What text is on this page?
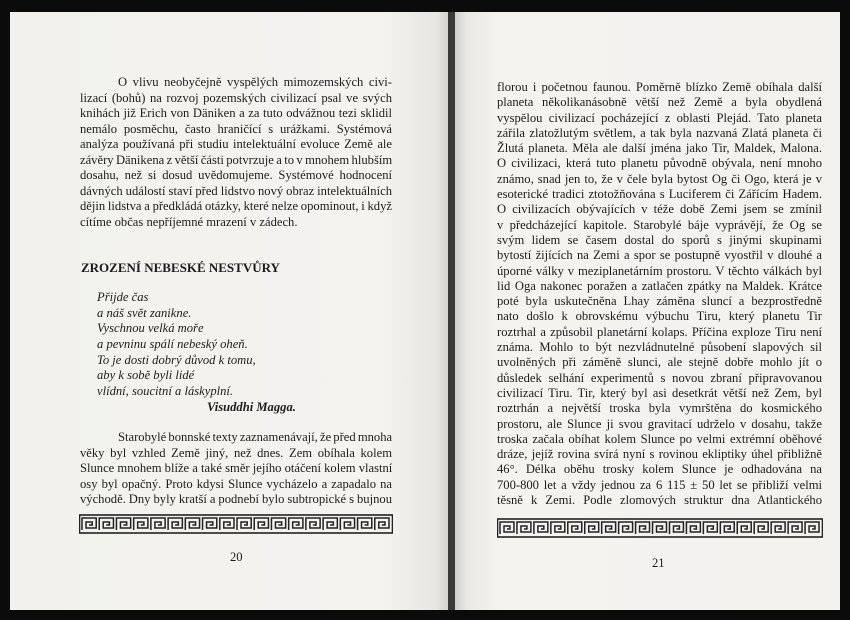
O vlivu neobyčejně vyspělých mimozemských civi-
lizací (bohů) na rozvoj pozemských civilizací psal ve svých
knihách již Erich von Däniken a za tuto odvážnou tezi sklidil
nemálo posměchu, často hraničící s urážkami. Systémová
analýza používaná při studiu intelektuální evoluce Země ale
závěry Dänikena z větší části potvrzuje a to v mnohem hlubším
dosahu, než si dosud uvědomujeme. Systémové hodnocení
dávných událostí staví před lidstvo nový obraz intelektuálních
dějin lidstva a předkládá otázky, které nelze opominout, i když
cítíme občas nepříjemné mrazení v zádech.
ZROZENÍ NEBESKÉ NESTVŮRY
Přijde čas
a náš svět zanikne.
Vyschnou velká moře
a pevninu spálí nebeský oheň.
To je dosti dobrý důvod k tomu,
aby k sobě byli lidé
vlídní, soucitní a láskyplní.
Visuddhi Magga.
Starobylé bonnské texty zaznamenávají, že před mnoha
věky byl vzhled Země jiný, než dnes. Zem obíhala kolem
Slunce mnohem blíže a také směr jejího otáčení kolem vlastní
osy byl opačný. Proto kdysi Slunce vycházelo a zapadalo na
východě. Dny byly kratší a podnebí bylo subtropické s bujnou
20
florou i početnou faunou. Poměrně blízko Země obíhala další
planeta několikanásobně větší než Země a byla obydlená
vyspělou civilizací pocházející z oblasti Plejád. Tato planeta
zářila zlatožlutým světlem, a tak byla nazvaná Zlatá planeta či
Žlutá planeta. Měla ale další jména jako Tir, Maldek, Malona.
O civilizaci, která tuto planetu původně obývala, není mnoho
známo, snad jen to, že v čele byla bytost Og či Ogo, která je v
esoterické tradici ztotožňována s Luciferem či Zářícím Hadem.
O civilizacích obývajících v téže době Zemi jsem se zmínil
v předcházející kapitole. Starobylé báje vyprávějí, že Og se
svým lidem se časem dostal do sporů s jinými skupinami
bytostí žijících na Zemi a spor se postupně vyostřil v dlouhé a
úporné války v meziplanetárním prostoru. V těchto válkách byl
lid Oga nakonec poražen a zatlačen zpátky na Maldek. Krátce
poté byla uskutečněna Lhay záměna sluncí a bezprostředně
nato došlo k obrovskému výbuchu Tiru, který planetu Tir
roztrhal a způsobil planetární kolaps. Příčina exploze Tiru není
známa. Mohlo to být nezvládnutelné působení slapových sil
uvolněných při záměně slunci, ale stejně dobře mohlo jít o
důsledek selhání experimentů s novou zbraní připravovanou
civilizací Tiru. Tir, který byl asi desetkrát větší než Zem, byl
roztrhán a největší troska byla vymrštěna do kosmického
prostoru, ale Slunce ji svou gravitací udrželo v dosahu, takže
troska začala obíhat kolem Slunce po velmi extrémní oběhové
dráze, jejíž rovina svírá nyní s rovinou ekliptiky úhel přibližně
46°. Délka oběhu trosky kolem Slunce je odhadována na
700-800 let a vždy jednou za 6 115 ± 50 let se přibliží velmi
těsně k Zemi. Podle zlomových struktur dna Atlantického
21
